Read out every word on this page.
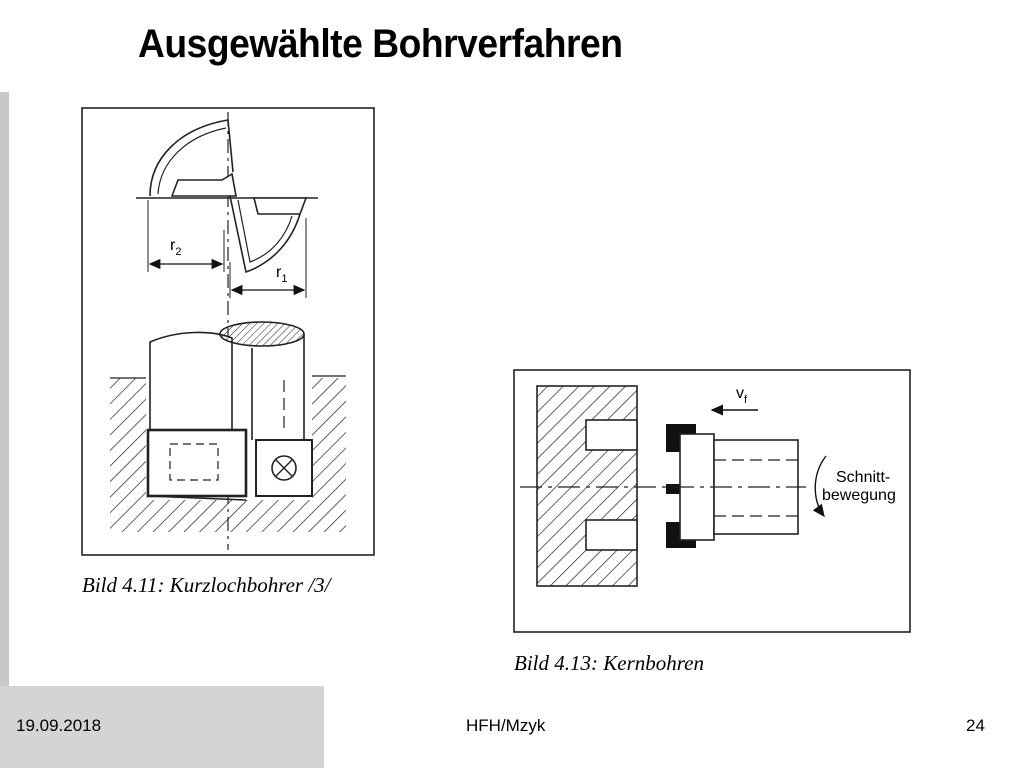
Ausgewählte Bohrverfahren
$r_2$
$r_1$
Bild 4.11: Kurzlochbohrer /3/
$v_f$
Schnitt-
bewegung
Bild 4.13: Kernbohren
19.09.2018	HFH/Mzyk	24
